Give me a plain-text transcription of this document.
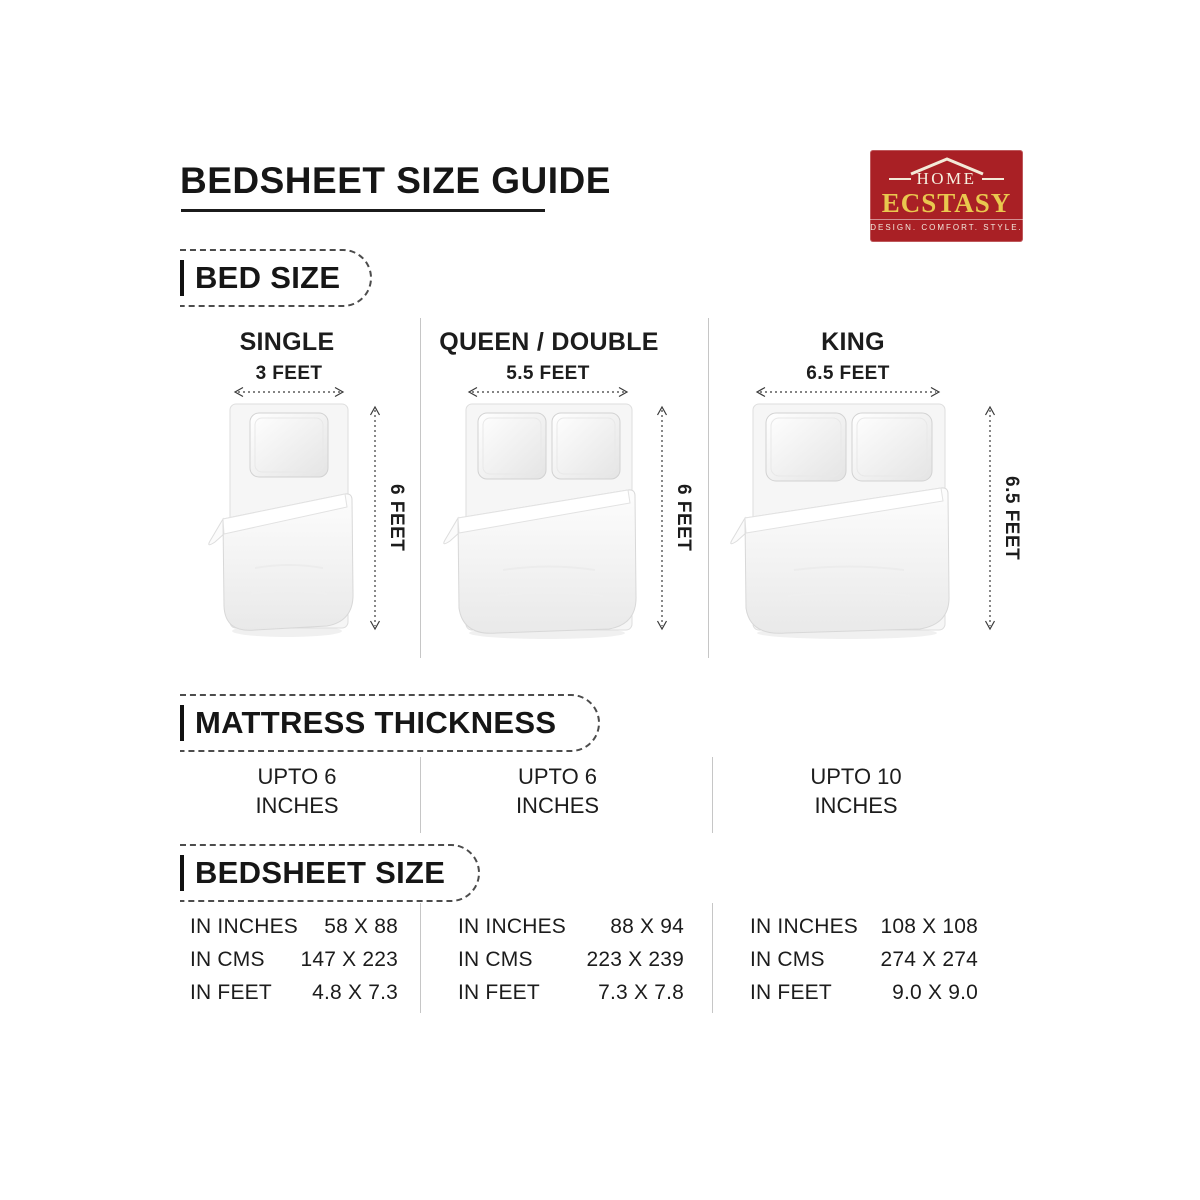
BEDSHEET SIZE GUIDE	HOME
ECSTASY
DESIGN. COMFORT. STYLE.
BED SIZE
SINGLE
3 FEET
6 FEET
QUEEN / DOUBLE
5.5 FEET
6 FEET
KING
6.5 FEET
6.5 FEET
MATTRESS THICKNESS
UPTO 6
INCHES
UPTO 6
INCHES
UPTO 10
INCHES
BEDSHEET SIZE
IN INCHES 58 X 88
IN CMS 147 X 223
IN FEET 4.8 X 7.3
IN INCHES 88 X 94
IN CMS	223 X 239
IN FEET	7.3 X 7.8
IN INCHES 108 X 108
IN CMS	274 X 274
IN FEET	9.0 X 9.0
